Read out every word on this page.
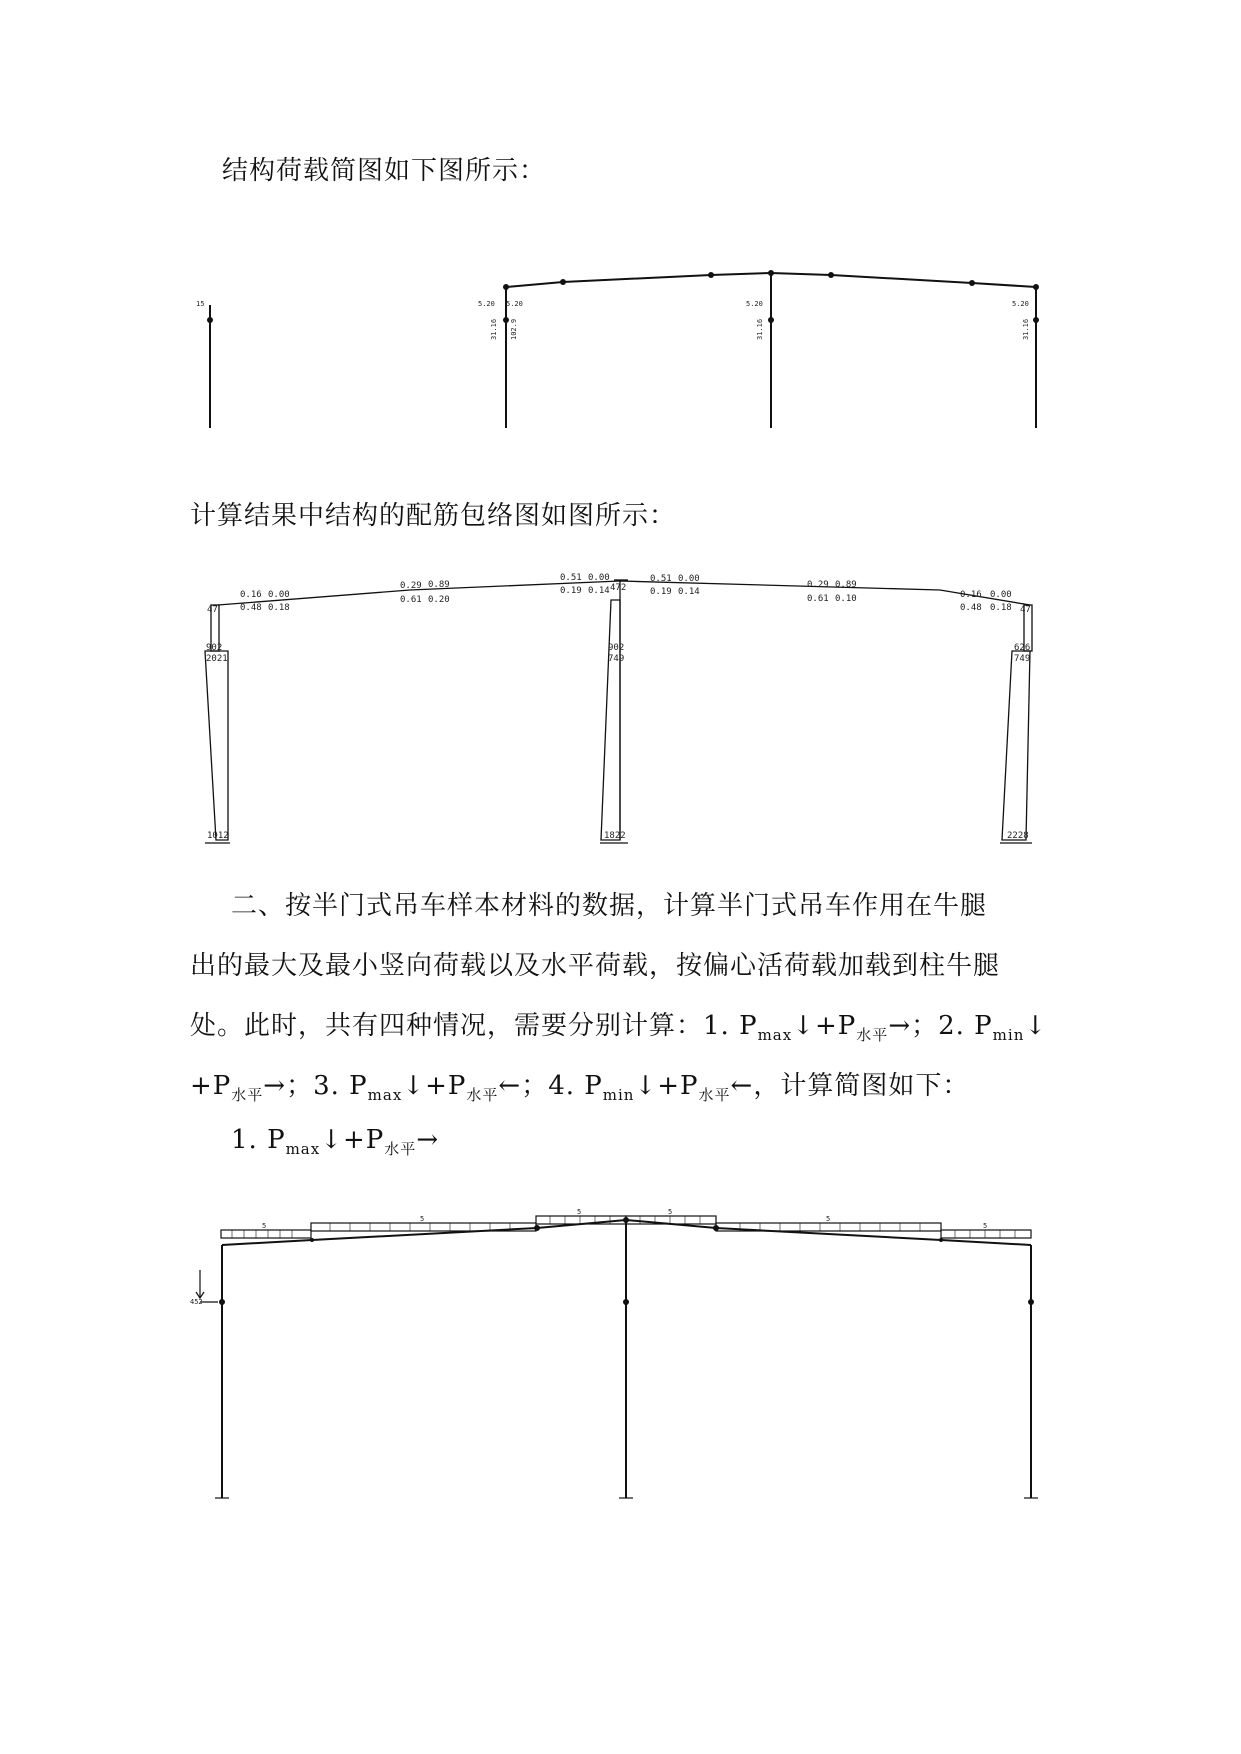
结构荷载简图如下图所示：
15	5.20	5.20	5.20
5.20
31.16 102.9	31.16	31.16
计算结果中结构的配筋包络图如图所示：
0.16 0.00
0.29 0.89
0.51 0.00	0.51 0.00
0.29 0.89
0.16 0.00
0.48 0.18
0.61 0.20
0.19 0.14	0.19 0.14
0.61 0.10
0.48 0.18
47
902
2021
1012
472
902
749
1822
47
626
749
2228
二、按半门式吊车样本材料的数据，计算半门式吊车作用在牛腿
出的最大及最小竖向荷载以及水平荷载，按偏心活荷载加载到柱牛腿
处。此时，共有四种情况，需要分别计算：1. $P_{max}↓+P_{水平}\to$；2. $P_{min}↓$
$+P_{水平}\to$；3. $P_{max}↓+P_{水平}\leftarrow$；4. $P_{min}↓+P_{水平}\leftarrow$，计算简图如下：
1. $P_{max}↓+P_{水平}\to$
5
5
5	5
5
5
452
